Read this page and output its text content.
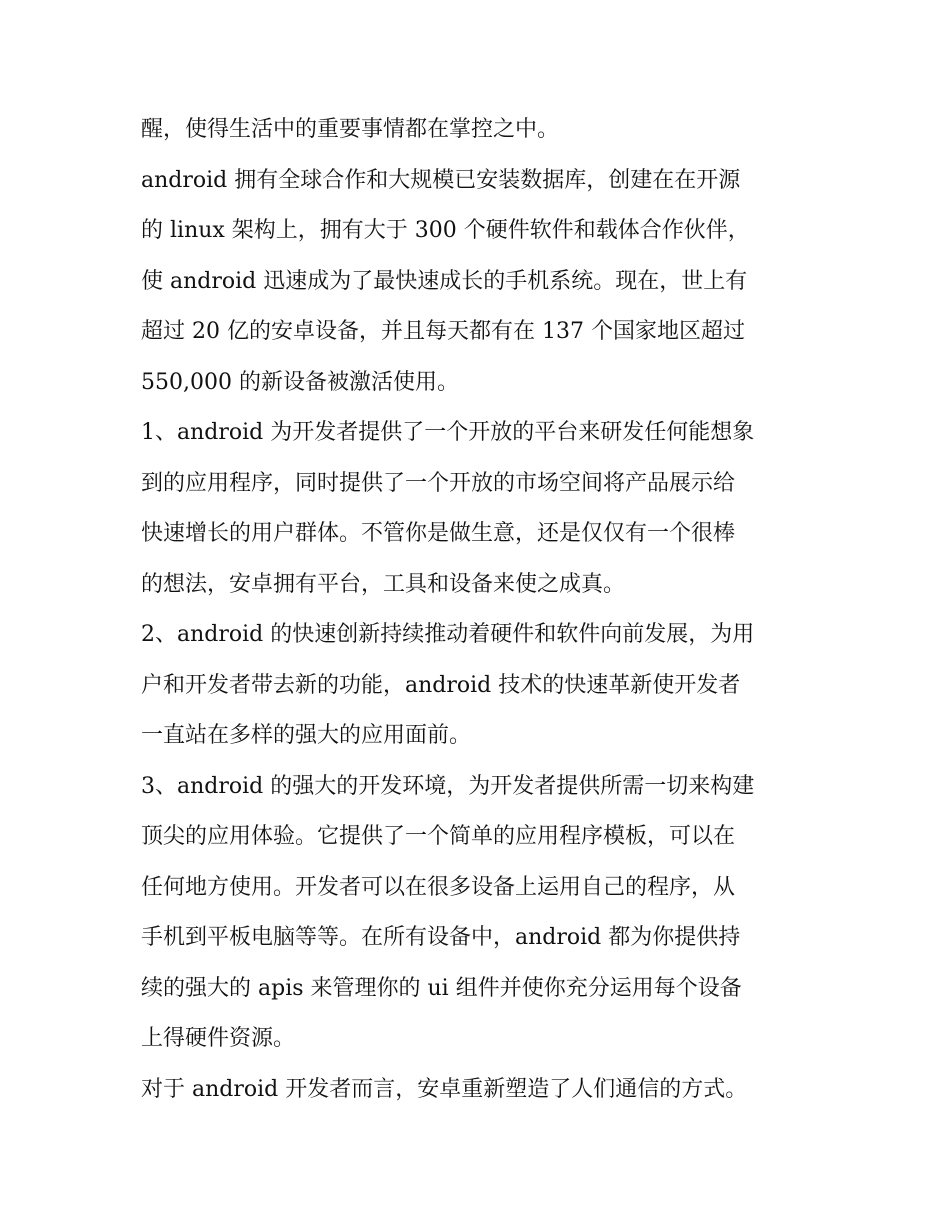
醒，使得生活中的重要事情都在掌控之中。
android 拥有全球合作和大规模已安装数据库，创建在在开源
的 linux 架构上，拥有大于 300 个硬件软件和载体合作伙伴，
使 android 迅速成为了最快速成长的手机系统。现在，世上有
超过 20 亿的安卓设备，并且每天都有在 137 个国家地区超过
550,000 的新设备被激活使用。
1、android 为开发者提供了一个开放的平台来研发任何能想象
到的应用程序，同时提供了一个开放的市场空间将产品展示给
快速增长的用户群体。不管你是做生意，还是仅仅有一个很棒
的想法，安卓拥有平台，工具和设备来使之成真。
2、android 的快速创新持续推动着硬件和软件向前发展，为用
户和开发者带去新的功能，android 技术的快速革新使开发者
一直站在多样的强大的应用面前。
3、android 的强大的开发环境，为开发者提供所需一切来构建
顶尖的应用体验。它提供了一个简单的应用程序模板，可以在
任何地方使用。开发者可以在很多设备上运用自己的程序，从
手机到平板电脑等等。在所有设备中，android 都为你提供持
续的强大的 apis 来管理你的 ui 组件并使你充分运用每个设备
上得硬件资源。
对于 android 开发者而言，安卓重新塑造了人们通信的方式。
